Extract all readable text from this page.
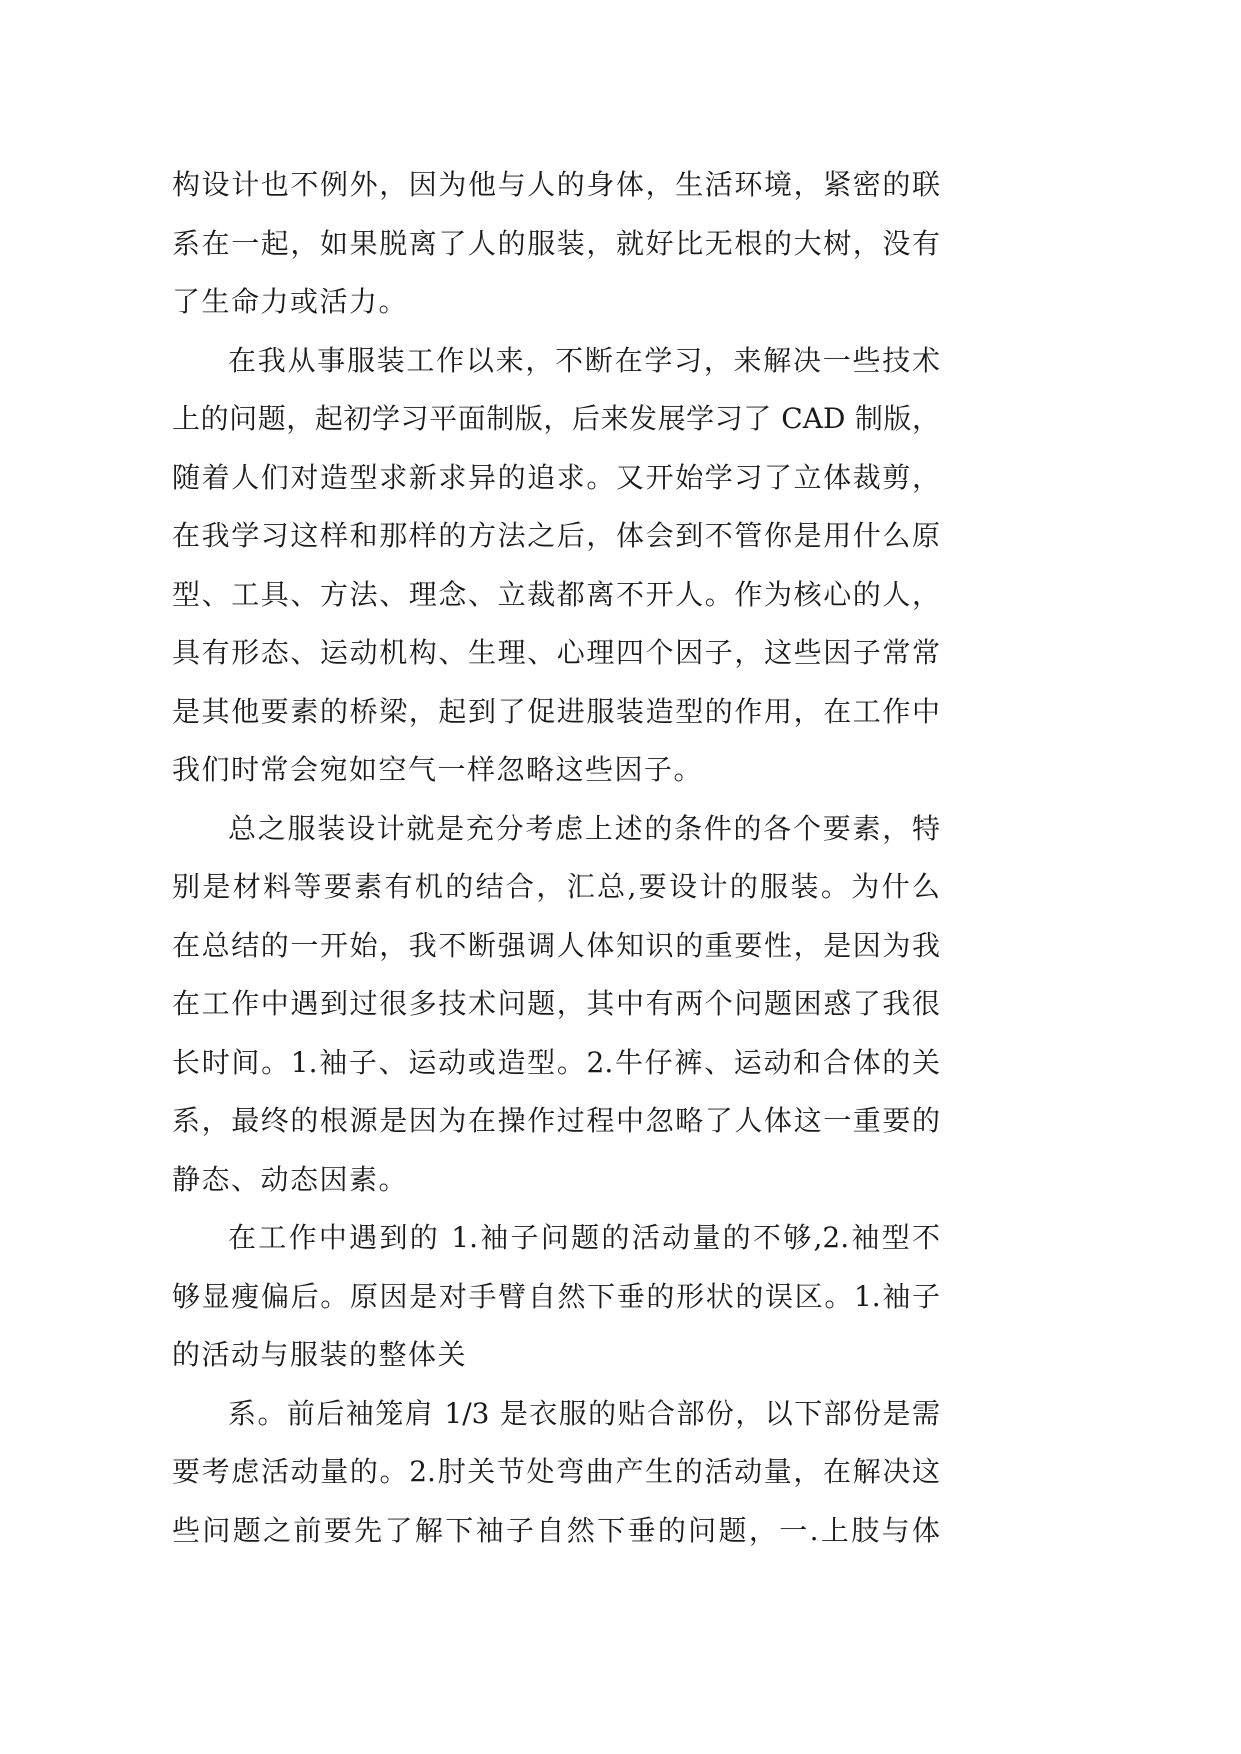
构设计也不例外，因为他与人的身体，生活环境，紧密的联
系在一起，如果脱离了人的服装，就好比无根的大树，没有
了生命力或活力。
在我从事服装工作以来，不断在学习，来解决一些技术
上的问题，起初学习平面制版，后来发展学习了 CAD 制版，
随着人们对造型求新求异的追求。又开始学习了立体裁剪，
在我学习这样和那样的方法之后，体会到不管你是用什么原
型、工具、方法、理念、立裁都离不开人。作为核心的人，
具有形态、运动机构、生理、心理四个因子，这些因子常常
是其他要素的桥梁，起到了促进服装造型的作用，在工作中
我们时常会宛如空气一样忽略这些因子。
总之服装设计就是充分考虑上述的条件的各个要素，特
别是材料等要素有机的结合，汇总,要设计的服装。为什么
在总结的一开始，我不断强调人体知识的重要性，是因为我
在工作中遇到过很多技术问题，其中有两个问题困惑了我很
长时间。1.袖子、运动或造型。2.牛仔裤、运动和合体的关
系，最终的根源是因为在操作过程中忽略了人体这一重要的
静态、动态因素。
在工作中遇到的 1.袖子问题的活动量的不够,2.袖型不
够显瘦偏后。原因是对手臂自然下垂的形状的误区。1.袖子
的活动与服装的整体关
系。前后袖笼肩 1/3 是衣服的贴合部份，以下部份是需
要考虑活动量的。2.肘关节处弯曲产生的活动量，在解决这
些问题之前要先了解下袖子自然下垂的问题，一.上肢与体
